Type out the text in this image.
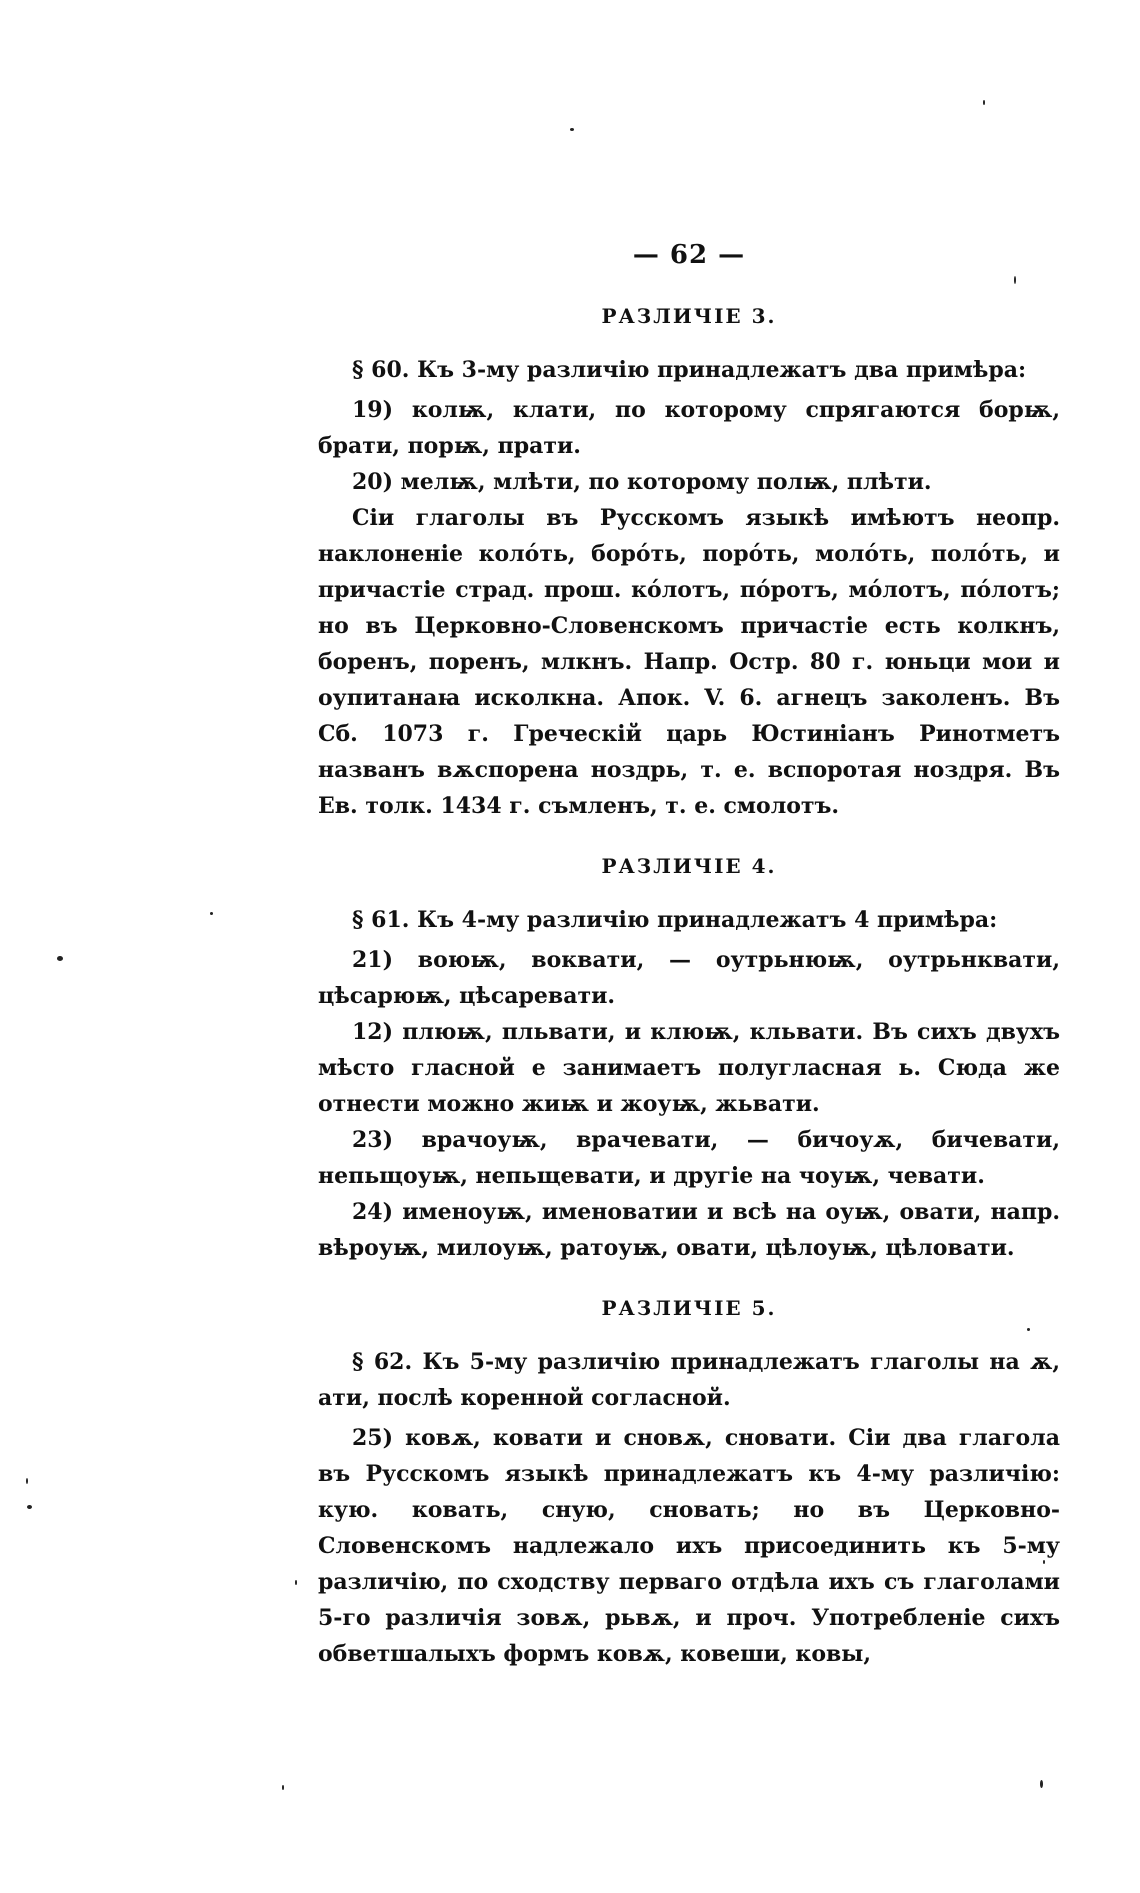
— 62 —
РАЗЛИЧІЕ 3.

§ 60. Къ 3-му различію принадлежатъ два примѣра:

19) колѭ, клати, по которому спрягаются борѭ, брати, порѭ, прати.

20) мелѭ, млѣти, по которому полѭ, плѣти.

Сіи глаголы въ Русскомъ языкѣ имѣютъ неопр. наклоненіе коло́ть, боро́ть, поро́ть, моло́ть, поло́ть, и причастіе страд. прош. ко́лотъ, по́ротъ, мо́лотъ, по́лотъ; но въ Церковно-Словенскомъ причастіе есть колкнъ, боренъ, поренъ, млкнъ. Напр. Остр. 80 г. юньци мои и оупитанаꙗ исколкна. Апок. V. 6. агнецъ заколенъ. Въ Сб. 1073 г. Греческій царь Юстиніанъ Ринотметъ названъ вѫспорена ноздрь, т. е. вспоротая ноздря. Въ Ев. толк. 1434 г. съмленъ, т. е. смолотъ.

РАЗЛИЧІЕ 4.

§ 61. Къ 4-му различію принадлежатъ 4 примѣра:

21) воюѭ, воквати, — оутрьнюѭ, оутрьнквати, цѣсарюѭ, цѣсаревати.

12) плюѭ, пльвати, и клюѭ, кльвати. Въ сихъ двухъ мѣсто гласной е занимаетъ полугласная ь. Сюда же отнести можно жиѭ и жоуѭ, жьвати.

23) врачоуѭ, врачевати, — бичоуѫ, бичевати, непьщоуѭ, непьщевати, и другіе на чоуѭ, чевати.

24) именоуѭ, именоватии и всѣ на оуѭ, овати, напр. вѣроуѭ, милоуѭ, ратоуѭ, овати, цѣлоуѭ, цѣловати.

РАЗЛИЧІЕ 5.

§ 62. Къ 5-му различію принадлежатъ глаголы на ѫ, ати, послѣ коренной согласной.

25) ковѫ, ковати и сновѫ, сновати. Сіи два глагола въ Русскомъ языкѣ принадлежатъ къ 4-му различію: кую. ковать, сную, сновать; но въ Церковно-Словенскомъ надлежало ихъ присоединить къ 5-му различію, по сходству перваго отдѣла ихъ съ глаголами 5-го различія зовѫ, рьвѫ, и проч. Употребленіе сихъ обветшалыхъ формъ ковѫ, ковеши, ковы,
